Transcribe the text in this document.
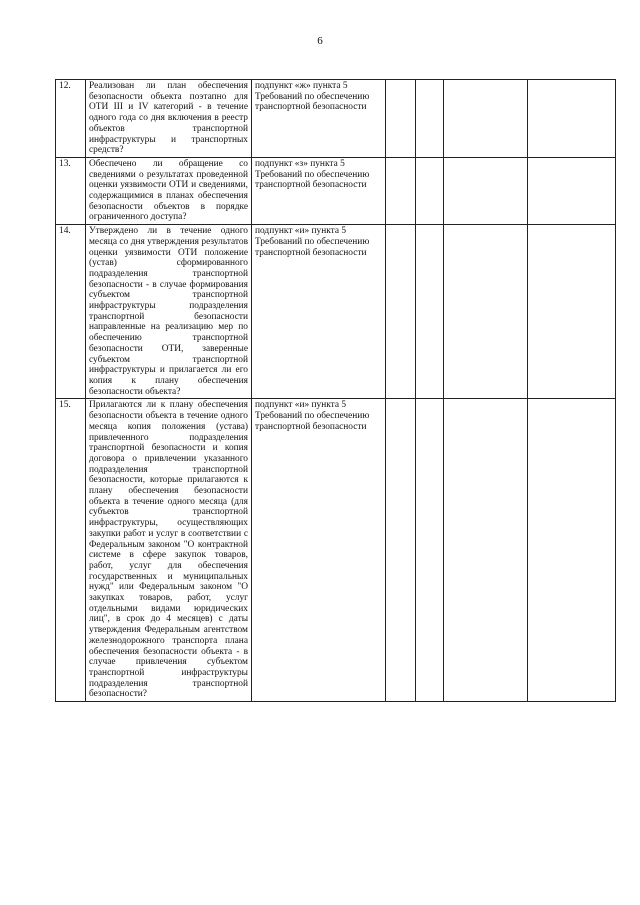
6
12.	Реализован ли план обеспечения безопасности объекта поэтапно для ОТИ III и IV категорий - в течение одного года со дня включения в реестр объектов транспортной инфраструктуры и транспортных средств?	подпункт «ж» пункта 5 Требований по обеспечению транспортной безопасности				
13.	Обеспечено ли обращение со сведениями о результатах проведенной оценки уязвимости ОТИ и сведениями, содержащимися в планах обеспечения безопасности объектов в порядке ограниченного доступа?	подпункт «з» пункта 5 Требований по обеспечению транспортной безопасности				
14.	Утверждено ли в течение одного месяца со дня утверждения результатов оценки уязвимости ОТИ положение (устав) сформированного подразделения транспортной безопасности - в случае формирования субъектом транспортной инфраструктуры подразделения транспортной безопасности направленные на реализацию мер по обеспечению транспортной безопасности ОТИ, заверенные субъектом транспортной инфраструктуры и прилагается ли его копия к плану обеспечения безопасности объекта?	подпункт «и» пункта 5 Требований по обеспечению транспортной безопасности				
15.	Прилагаются ли к плану обеспечения безопасности объекта в течение одного месяца копия положения (устава) привлеченного подразделения транспортной безопасности и копия договора о привлечении указанного подразделения транспортной безопасности, которые прилагаются к плану обеспечения безопасности объекта в течение одного месяца (для субъектов транспортной инфраструктуры, осуществляющих закупки работ и услуг в соответствии с Федеральным законом "О контрактной системе в сфере закупок товаров, работ, услуг для обеспечения государственных и муниципальных нужд" или Федеральным законом "О закупках товаров, работ, услуг отдельными видами юридических лиц", в срок до 4 месяцев) с даты утверждения Федеральным агентством железнодорожного транспорта плана обеспечения безопасности объекта - в случае привлечения субъектом транспортной инфраструктуры подразделения транспортной безопасности?	подпункт «и» пункта 5 Требований по обеспечению транспортной безопасности				
